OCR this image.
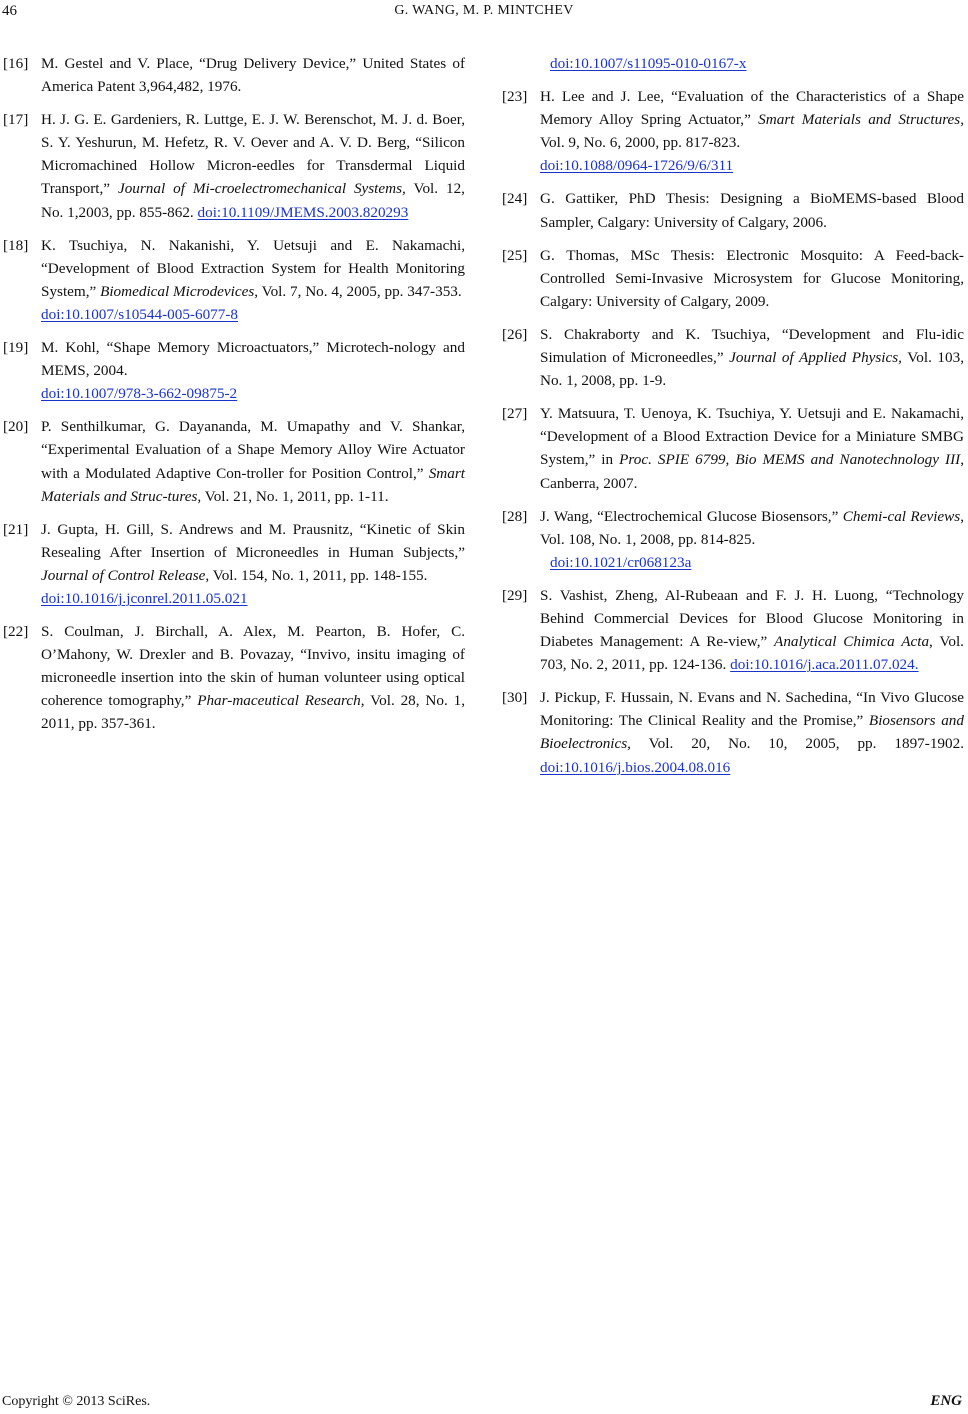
46	G. WANG, M. P. MINTCHEV
[16] M. Gestel and V. Place, “Drug Delivery Device,” United States of America Patent 3,964,482, 1976.
[17] H. J. G. E. Gardeniers, R. Luttge, E. J. W. Berenschot, M. J. d. Boer, S. Y. Yeshurun, M. Hefetz, R. V. Oever and A. V. D. Berg, “Silicon Micromachined Hollow Micron-eedles for Transdermal Liquid Transport,” Journal of Mi-croelectromechanical Systems, Vol. 12, No. 1,2003, pp. 855-862. doi:10.1109/JMEMS.2003.820293
[18] K. Tsuchiya, N. Nakanishi, Y. Uetsuji and E. Nakamachi, “Development of Blood Extraction System for Health Monitoring System,” Biomedical Microdevices, Vol. 7, No. 4, 2005, pp. 347-353.
doi:10.1007/s10544-005-6077-8
[19] M. Kohl, “Shape Memory Microactuators,” Microtech-nology and MEMS, 2004.
doi:10.1007/978-3-662-09875-2
[20] P. Senthilkumar, G. Dayananda, M. Umapathy and V. Shankar, “Experimental Evaluation of a Shape Memory Alloy Wire Actuator with a Modulated Adaptive Con-troller for Position Control,” Smart Materials and Struc-tures, Vol. 21, No. 1, 2011, pp. 1-11.
[21] J. Gupta, H. Gill, S. Andrews and M. Prausnitz, “Kinetic of Skin Resealing After Insertion of Microneedles in Human Subjects,” Journal of Control Release, Vol. 154, No. 1, 2011, pp. 148-155.
doi:10.1016/j.jconrel.2011.05.021
[22] S. Coulman, J. Birchall, A. Alex, M. Pearton, B. Hofer, C. O’Mahony, W. Drexler and B. Povazay, “Invivo, insitu imaging of microneedle insertion into the skin of human volunteer using optical coherence tomography,” Phar-maceutical Research, Vol. 28, No. 1, 2011, pp. 357-361.
doi:10.1007/s11095-010-0167-x
[23] H. Lee and J. Lee, “Evaluation of the Characteristics of a Shape Memory Alloy Spring Actuator,” Smart Materials and Structures, Vol. 9, No. 6, 2000, pp. 817-823.
doi:10.1088/0964-1726/9/6/311
[24] G. Gattiker, PhD Thesis: Designing a BioMEMS-based Blood Sampler, Calgary: University of Calgary, 2006.
[25] G. Thomas, MSc Thesis: Electronic Mosquito: A Feed-back-Controlled Semi-Invasive Microsystem for Glucose Monitoring, Calgary: University of Calgary, 2009.
[26] S. Chakraborty and K. Tsuchiya, “Development and Flu-idic Simulation of Microneedles,” Journal of Applied Physics, Vol. 103, No. 1, 2008, pp. 1-9.
[27] Y. Matsuura, T. Uenoya, K. Tsuchiya, Y. Uetsuji and E. Nakamachi, “Development of a Blood Extraction Device for a Miniature SMBG System,” in Proc. SPIE 6799, Bio MEMS and Nanotechnology III, Canberra, 2007.
[28] J. Wang, “Electrochemical Glucose Biosensors,” Chemi-cal Reviews, Vol. 108, No. 1, 2008, pp. 814-825.
doi:10.1021/cr068123a
[29] S. Vashist, Zheng, Al-Rubeaan and F. J. H. Luong, “Technology Behind Commercial Devices for Blood Glucose Monitoring in Diabetes Management: A Re-view,” Analytical Chimica Acta, Vol. 703, No. 2, 2011, pp. 124-136. doi:10.1016/j.aca.2011.07.024.
[30] J. Pickup, F. Hussain, N. Evans and N. Sachedina, “In Vivo Glucose Monitoring: The Clinical Reality and the Promise,” Biosensors and Bioelectronics, Vol. 20, No. 10, 2005, pp. 1897-1902. doi:10.1016/j.bios.2004.08.016
Copyright © 2013 SciRes.	ENG
